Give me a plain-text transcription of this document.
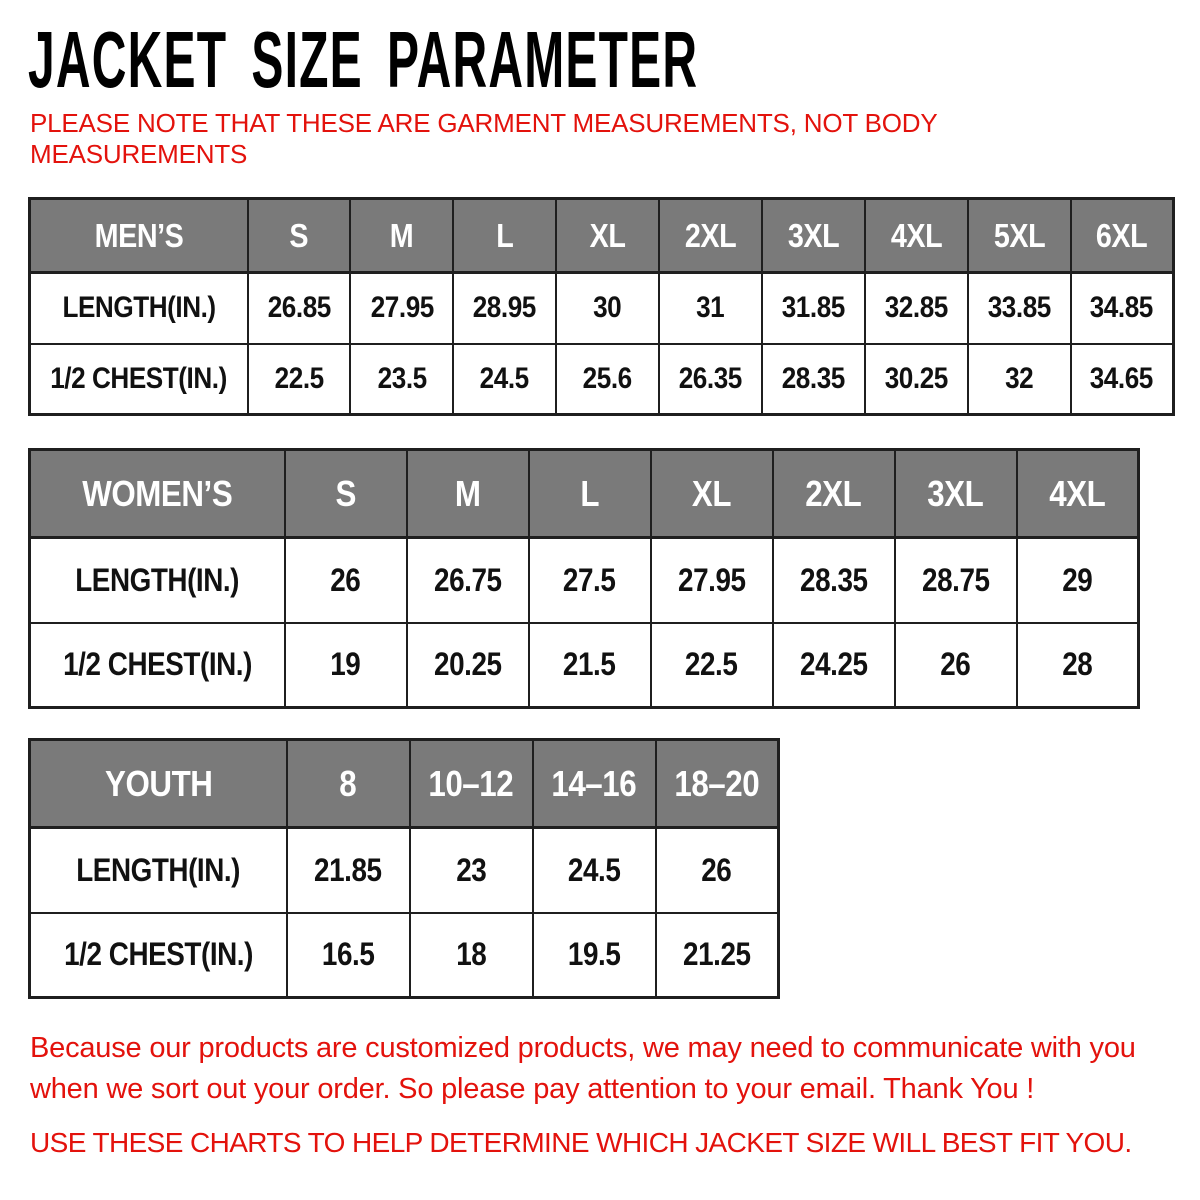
JACKET SIZE PARAMETER
PLEASE NOTE THAT THESE ARE GARMENT MEASUREMENTS, NOT BODY MEASUREMENTS
MEN’S	S	M	L	XL	2XL	3XL	4XL	5XL	6XL
LENGTH(IN.)	26.85	27.95	28.95	30	31	31.85	32.85	33.85	34.85
1/2 CHEST(IN.)	22.5	23.5	24.5	25.6	26.35	28.35	30.25	32	34.65
WOMEN’S	S	M	L	XL	2XL	3XL	4XL
LENGTH(IN.)	26	26.75	27.5	27.95	28.35	28.75	29
1/2 CHEST(IN.)	19	20.25	21.5	22.5	24.25	26	28
YOUTH	8	10–12	14–16	18–20
LENGTH(IN.)	21.85	23	24.5	26
1/2 CHEST(IN.)	16.5	18	19.5	21.25
Because our products are customized products, we may need to communicate with you
when we sort out your order. So please pay attention to your email. Thank You !
USE THESE CHARTS TO HELP DETERMINE WHICH JACKET SIZE WILL BEST FIT YOU.
